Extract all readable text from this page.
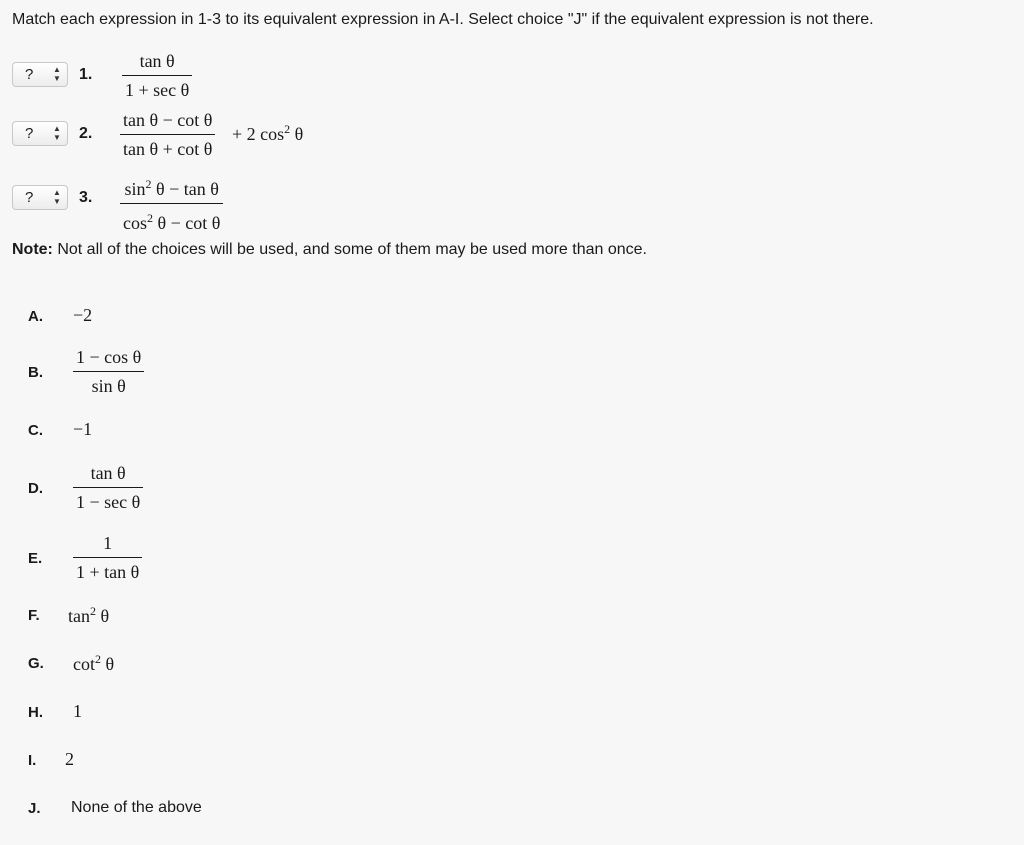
Match each expression in 1-3 to its equivalent expression in A-I. Select choice "J" if the equivalent expression is not there.
? ▲
▼ 1.
tan θ
1 + sec θ
? ▲
▼ 2.
tan θ − cot θ
tan θ + cot θ
+ 2 $\cos^2 \theta$
? ▲
▼ 3. $\sin^2 \theta - \tan \theta$
$\cos^2 \theta - \cot \theta$
Note: Not all of the choices will be used, and some of them may be used more than once.
A. −2
B.
1 − cos θ
sin θ
C. −1
D.
tan θ
1 − sec θ
E.
1
1 + tan θ
F. $\tan^2 \theta$
G. $\cot^2 \theta$
H. 1
I. 2
J. None of the above
